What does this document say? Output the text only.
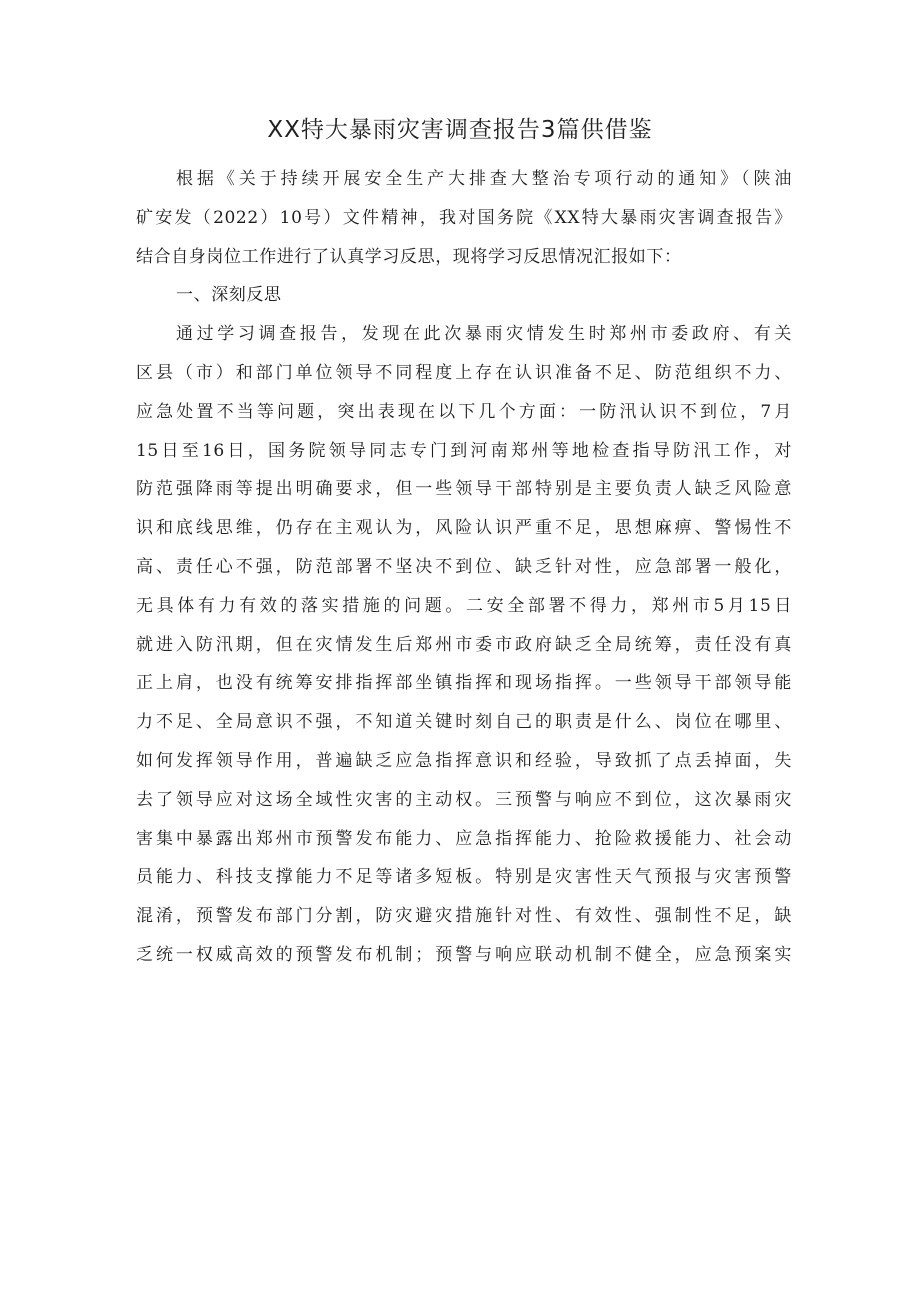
XX特大暴雨灾害调查报告3篇供借鉴
根据《关于持续开展安全生产大排查大整治专项行动的通知》（陕油
矿安发（2022）10号）文件精神，我对国务院《XX特大暴雨灾害调查报告》
结合自身岗位工作进行了认真学习反思，现将学习反思情况汇报如下：
一、深刻反思
通过学习调查报告，发现在此次暴雨灾情发生时郑州市委政府、有关
区县（市）和部门单位领导不同程度上存在认识准备不足、防范组织不力、
应急处置不当等问题，突出表现在以下几个方面：一防汛认识不到位，7月
15日至16日，国务院领导同志专门到河南郑州等地检查指导防汛工作，对
防范强降雨等提出明确要求，但一些领导干部特别是主要负责人缺乏风险意
识和底线思维，仍存在主观认为，风险认识严重不足，思想麻痹、警惕性不
高、责任心不强，防范部署不坚决不到位、缺乏针对性，应急部署一般化，
无具体有力有效的落实措施的问题。二安全部署不得力，郑州市5月15日
就进入防汛期，但在灾情发生后郑州市委市政府缺乏全局统筹，责任没有真
正上肩，也没有统筹安排指挥部坐镇指挥和现场指挥。一些领导干部领导能
力不足、全局意识不强，不知道关键时刻自己的职责是什么、岗位在哪里、
如何发挥领导作用，普遍缺乏应急指挥意识和经验，导致抓了点丢掉面，失
去了领导应对这场全域性灾害的主动权。三预警与响应不到位，这次暴雨灾
害集中暴露出郑州市预警发布能力、应急指挥能力、抢险救援能力、社会动
员能力、科技支撑能力不足等诸多短板。特别是灾害性天气预报与灾害预警
混淆，预警发布部门分割，防灾避灾措施针对性、有效性、强制性不足，缺
乏统一权威高效的预警发布机制；预警与响应联动机制不健全，应急预案实
